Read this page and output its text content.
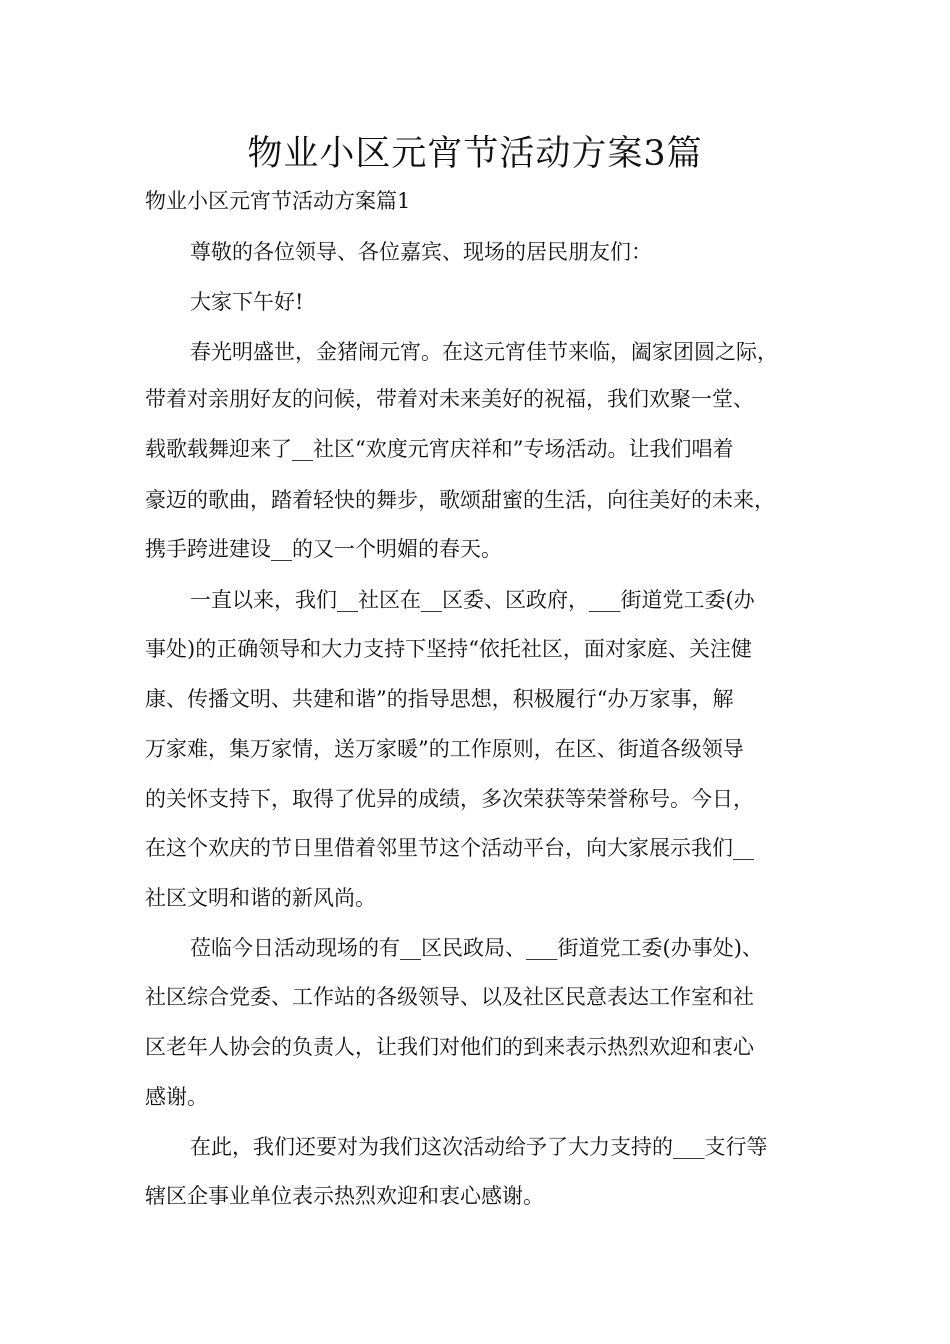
物业小区元宵节活动方案3篇

物业小区元宵节活动方案篇1

尊敬的各位领导、各位嘉宾、现场的居民朋友们：

大家下午好!

春光明盛世，金猪闹元宵。在这元宵佳节来临，阖家团圆之际，

带着对亲朋好友的问候，带着对未来美好的祝福，我们欢聚一堂、

载歌载舞迎来了__社区“欢度元宵庆祥和”专场活动。让我们唱着

豪迈的歌曲，踏着轻快的舞步，歌颂甜蜜的生活，向往美好的未来，

携手跨进建设__的又一个明媚的春天。

一直以来，我们__社区在__区委、区政府，___街道党工委(办

事处)的正确领导和大力支持下坚持“依托社区，面对家庭、关注健

康、传播文明、共建和谐”的指导思想，积极履行“办万家事，解

万家难，集万家情，送万家暖”的工作原则，在区、街道各级领导

的关怀支持下，取得了优异的成绩，多次荣获等荣誉称号。今日，

在这个欢庆的节日里借着邻里节这个活动平台，向大家展示我们__

社区文明和谐的新风尚。

莅临今日活动现场的有__区民政局、___街道党工委(办事处)、

社区综合党委、工作站的各级领导、以及社区民意表达工作室和社

区老年人协会的负责人，让我们对他们的到来表示热烈欢迎和衷心

感谢。

在此，我们还要对为我们这次活动给予了大力支持的___支行等

辖区企事业单位表示热烈欢迎和衷心感谢。
